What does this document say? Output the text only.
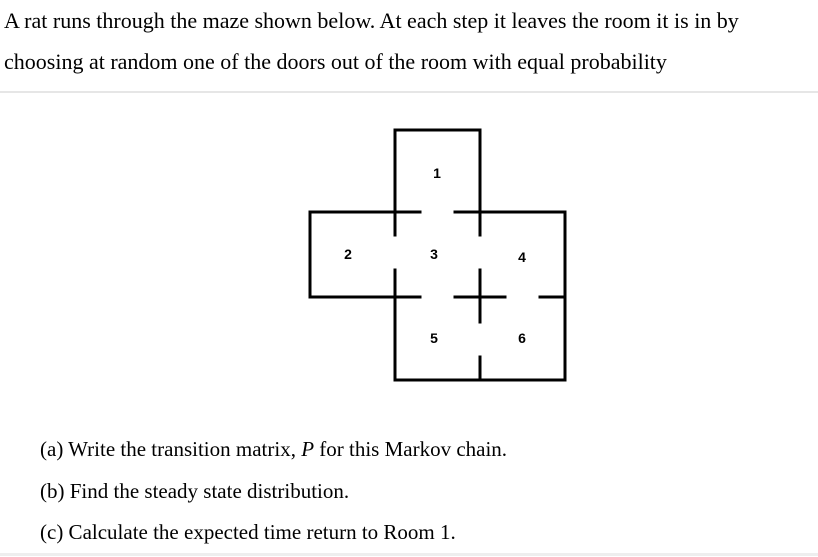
A rat runs through the maze shown below. At each step it leaves the room it is in by
choosing at random one of the doors out of the room with equal probability
1
2	3	4
5	6
(a) Write the transition matrix, P for this Markov chain.
(b) Find the steady state distribution.
(c) Calculate the expected time return to Room 1.
